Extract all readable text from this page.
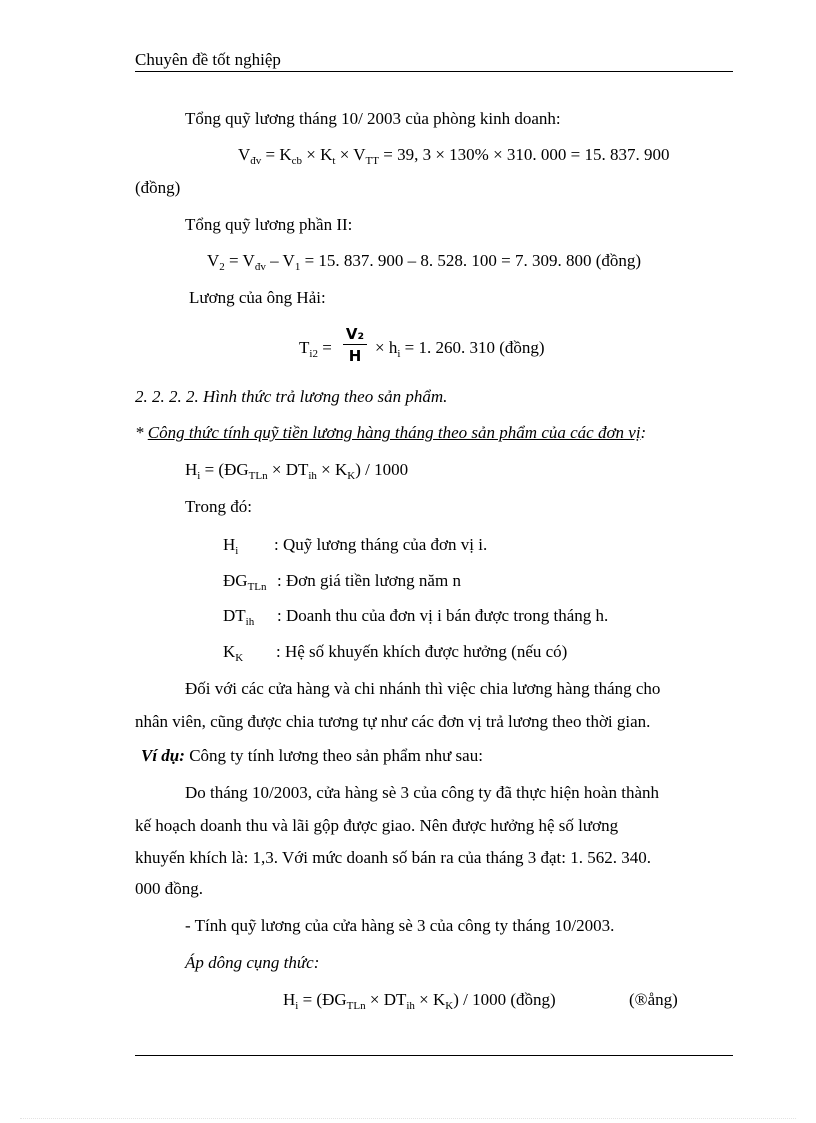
Chuyên đề tốt nghiệp
Tổng quỹ lương tháng 10/ 2003 của phòng kinh doanh:
$V_{đv} = K_{cb} \times K_t \times V_{TT} = 39$, 3 × 130% × 310. 000 = 15. 837. 900
(đồng)
Tổng quỹ lương phần II:
$V_2 = V_{đv} - V_1 = 15$. 837. 900 – 8. 528. 100 = 7. 309. 800 (đồng)
Lương của ông Hải:
$T_{i2}$ =
V₂
$H \times h_i = 1$. 260. 310 (đồng)
2. 2. 2. 2. Hình thức trả lương theo sản phẩm.
* Công thức tính quỹ tiền lương hàng tháng theo sản phẩm của các đơn vị:
$H_i$ = $(ĐG_{TLn} \times DT_{ih} \times K_K) / 1000$
Trong đó:
$H_i$ : Quỹ lương tháng của đơn vị i.
$ĐG_{TLn}$ : Đơn giá tiền lương năm n
$DT_{ih}$ : Doanh thu của đơn vị i bán được trong tháng h.
$K_K$ : Hệ số khuyến khích được hưởng (nếu có)
Đối với các cửa hàng và chi nhánh thì việc chia lương hàng tháng cho
nhân viên, cũng được chia tương tự như các đơn vị trả lương theo thời gian.
Ví dụ: Công ty tính lương theo sản phẩm như sau:
Do tháng 10/2003, cửa hàng sè 3 của công ty đã thực hiện hoàn thành
kế hoạch doanh thu và lãi gộp được giao. Nên được hưởng hệ số lương
khuyến khích là: 1,3. Với mức doanh số bán ra của tháng 3 đạt: 1. 562. 340.
000 đồng.
- Tính quỹ lương của cửa hàng sè 3 của công ty tháng 10/2003.
Áp dông cụng thức:
$H_i$ = $(ĐG_{TLn} \times DT_{ih} \times K_K) / 1000$ (đồng)	(®ång)
